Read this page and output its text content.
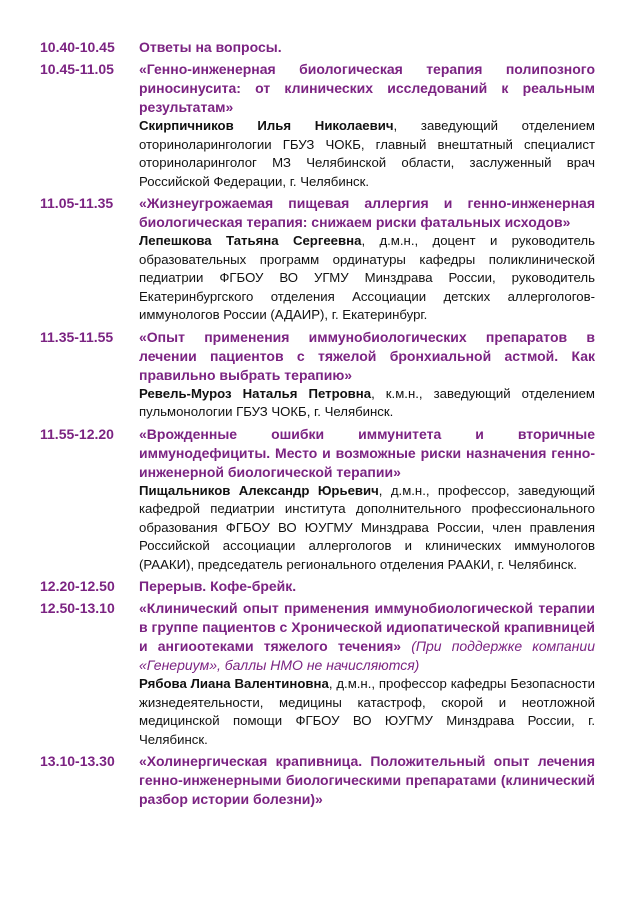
10.40-10.45	Ответы на вопросы.
10.45-11.05	«Генно-инженерная биологическая терапия полипозного риносинусита: от клинических исследований к реальным результатам»
Скирпичников Илья Николаевич, заведующий отделением оториноларингологии ГБУЗ ЧОКБ, главный внештатный специалист оториноларинголог МЗ Челябинской области, заслуженный врач Российской Федерации, г. Челябинск.
11.05-11.35	«Жизнеугрожаемая пищевая аллергия и генно-инженерная биологическая терапия: снижаем риски фатальных исходов»
Лепешкова Татьяна Сергеевна, д.м.н., доцент и руководитель образовательных программ ординатуры кафедры поликлинической педиатрии ФГБОУ ВО УГМУ Минздрава России, руководитель Екатеринбургского отделения Ассоциации детских аллергологов-иммунологов России (АДАИР), г. Екатеринбург.
11.35-11.55	«Опыт применения иммунобиологических препаратов в лечении пациентов с тяжелой бронхиальной астмой. Как правильно выбрать терапию»
Ревель-Муроз Наталья Петровна, к.м.н., заведующий отделением пульмонологии ГБУЗ ЧОКБ, г. Челябинск.
11.55-12.20	«Врожденные ошибки иммунитета и вторичные иммунодефициты. Место и возможные риски назначения генно-инженерной биологической терапии»
Пищальников Александр Юрьевич, д.м.н., профессор, заведующий кафедрой педиатрии института дополнительного профессионального образования ФГБОУ ВО ЮУГМУ Минздрава России, член правления Российской ассоциации аллергологов и клинических иммунологов (РААКИ), председатель регионального отделения РААКИ, г. Челябинск.
12.20-12.50	Перерыв. Кофе-брейк.
12.50-13.10	«Клинический опыт применения иммунобиологической терапии в группе пациентов с Хронической идиопатической крапивницей и ангиоотеками тяжелого течения» (При поддержке компании «Генериум», баллы НМО не начисляются)
Рябова Лиана Валентиновна, д.м.н., профессор кафедры Безопасности жизнедеятельности, медицины катастроф, скорой и неотложной медицинской помощи ФГБОУ ВО ЮУГМУ Минздрава России, г. Челябинск.
13.10-13.30	«Холинергическая крапивница. Положительный опыт лечения генно-инженерными биологическими препаратами (клинический разбор истории болезни)»
